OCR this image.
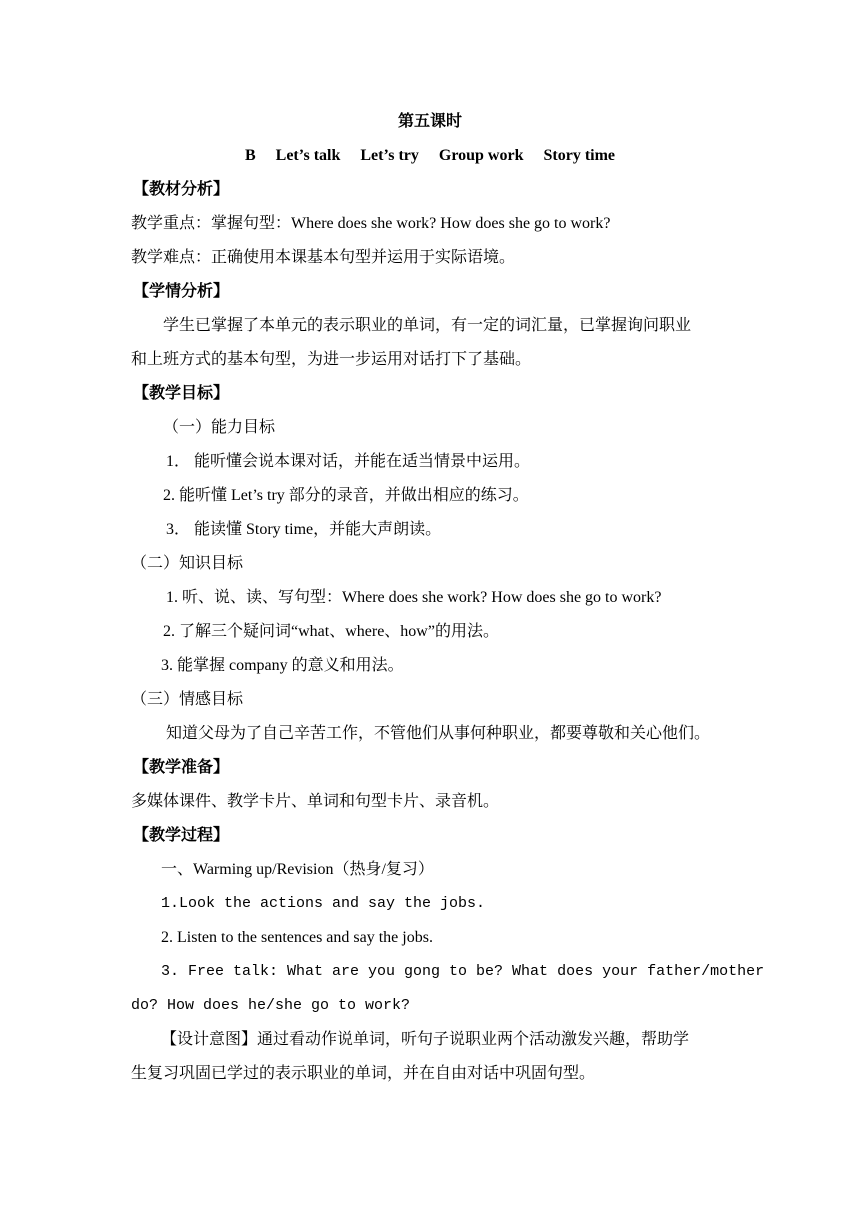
第五课时
B Let’s talk Let’s try Group work Story time
【教材分析】
教学重点：掌握句型：Where does she work? How does she go to work?
教学难点：正确使用本课基本句型并运用于实际语境。
【学情分析】
学生已掌握了本单元的表示职业的单词，有一定的词汇量，已掌握询问职业
和上班方式的基本句型，为进一步运用对话打下了基础。
【教学目标】
（一）能力目标
1． 能听懂会说本课对话，并能在适当情景中运用。
2. 能听懂 Let’s try 部分的录音，并做出相应的练习。
3． 能读懂 Story time，并能大声朗读。
（二）知识目标
1. 听、说、读、写句型：Where does she work? How does she go to work?
2. 了解三个疑问词“what、where、how”的用法。
3. 能掌握 company 的意义和用法。
（三）情感目标
知道父母为了自己辛苦工作，不管他们从事何种职业，都要尊敬和关心他们。
【教学准备】
多媒体课件、教学卡片、单词和句型卡片、录音机。
【教学过程】
一、Warming up/Revision（热身/复习）
1.Look the actions and say the jobs.
2. Listen to the sentences and say the jobs.
3. Free talk: What are you gong to be? What does your father/mother
do? How does he/she go to work?
【设计意图】通过看动作说单词，听句子说职业两个活动激发兴趣，帮助学
生复习巩固已学过的表示职业的单词，并在自由对话中巩固句型。
